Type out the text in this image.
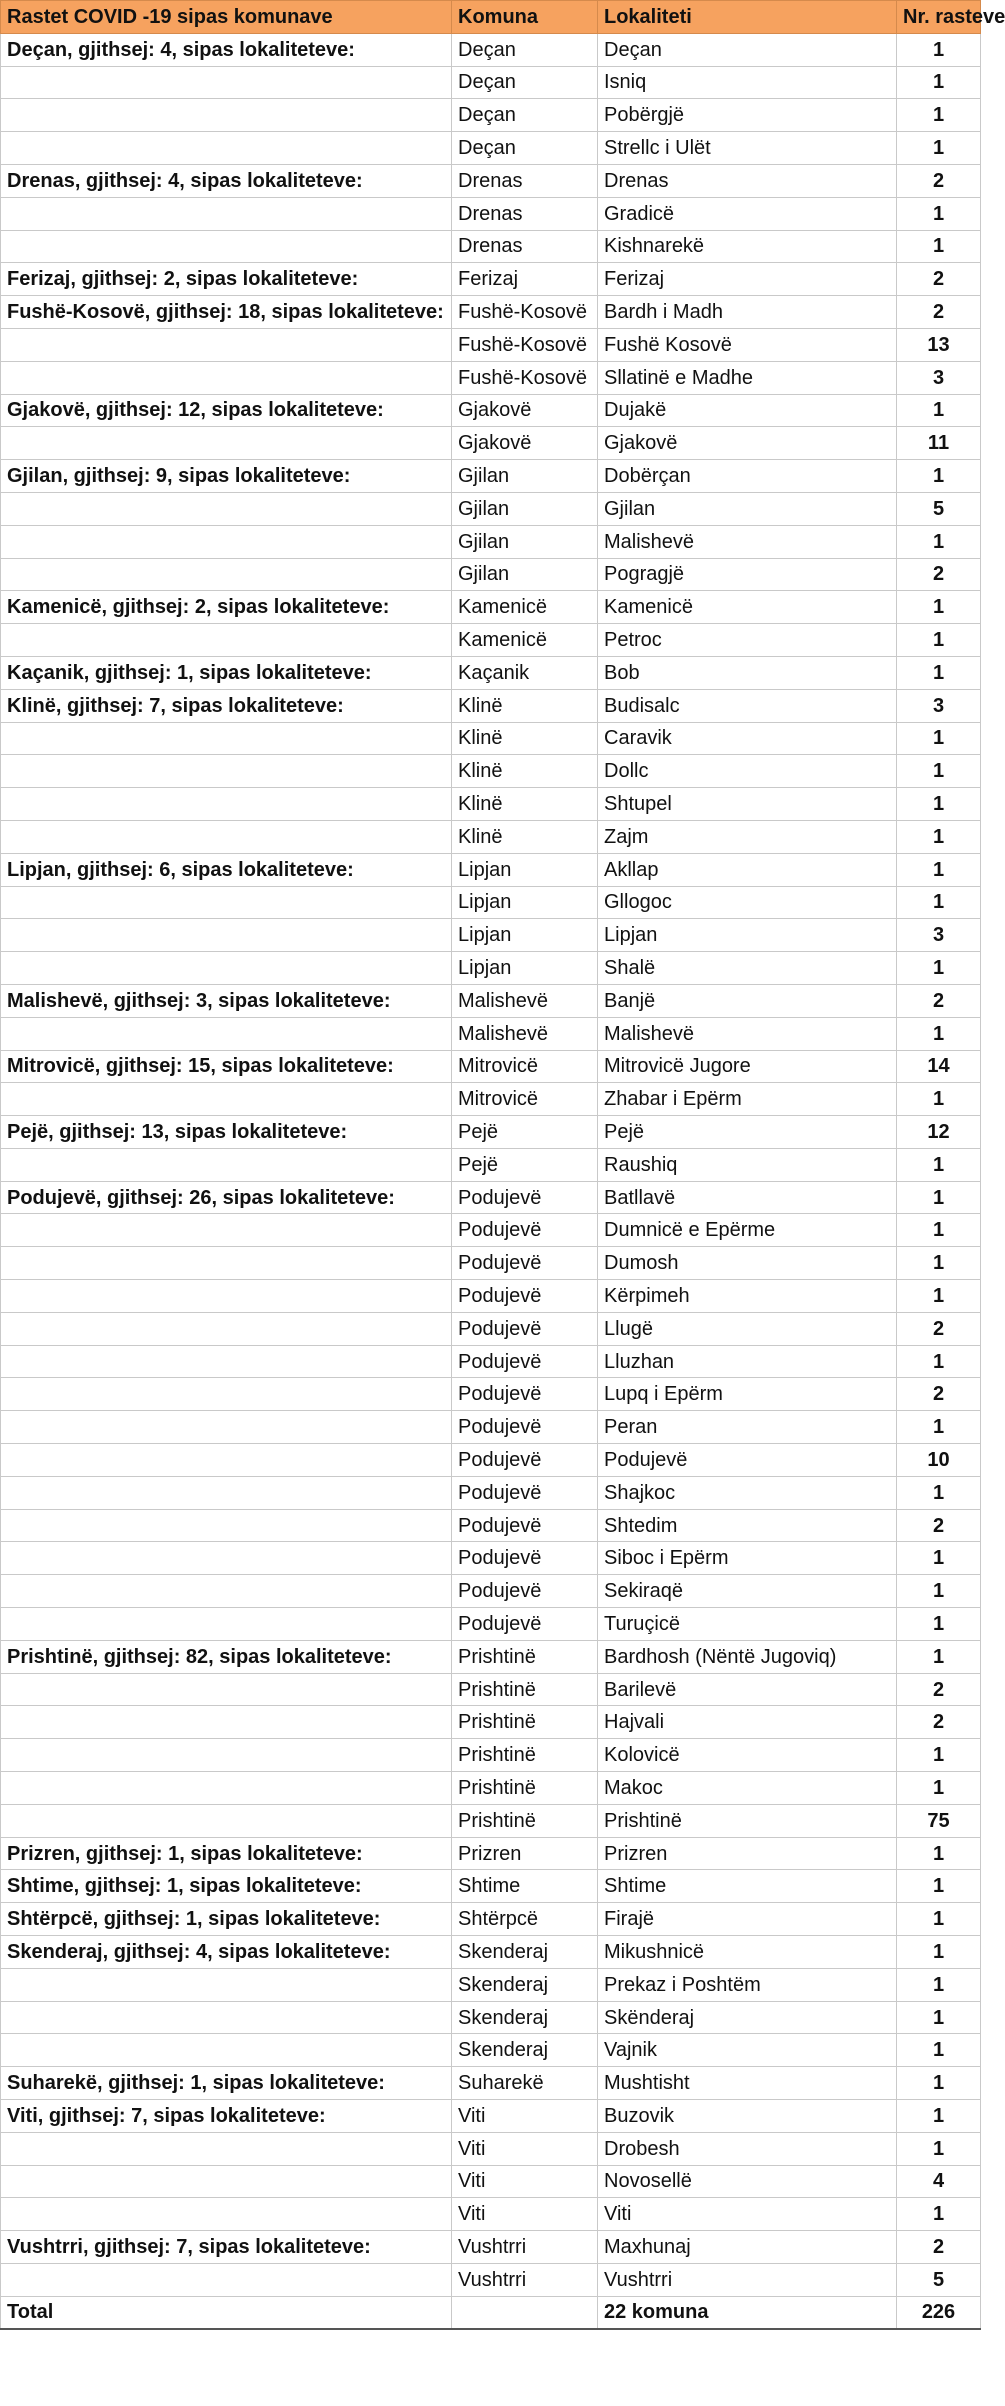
Rastet COVID -19 sipas komunave	Komuna	Lokaliteti	Nr. rasteve
Deçan, gjithsej: 4, sipas lokaliteteve:	Deçan	Deçan	1
	Deçan	Isniq	1
	Deçan	Pobërgjë	1
	Deçan	Strellc i Ulët	1
Drenas, gjithsej: 4, sipas lokaliteteve:	Drenas	Drenas	2
	Drenas	Gradicë	1
	Drenas	Kishnarekë	1
Ferizaj, gjithsej: 2, sipas lokaliteteve:	Ferizaj	Ferizaj	2
Fushë-Kosovë, gjithsej: 18, sipas lokaliteteve:	Fushë-Kosovë	Bardh i Madh	2
	Fushë-Kosovë	Fushë Kosovë	13
	Fushë-Kosovë	Sllatinë e Madhe	3
Gjakovë, gjithsej: 12, sipas lokaliteteve:	Gjakovë	Dujakë	1
	Gjakovë	Gjakovë	11
Gjilan, gjithsej: 9, sipas lokaliteteve:	Gjilan	Dobërçan	1
	Gjilan	Gjilan	5
	Gjilan	Malishevë	1
	Gjilan	Pogragjë	2
Kamenicë, gjithsej: 2, sipas lokaliteteve:	Kamenicë	Kamenicë	1
	Kamenicë	Petroc	1
Kaçanik, gjithsej: 1, sipas lokaliteteve:	Kaçanik	Bob	1
Klinë, gjithsej: 7, sipas lokaliteteve:	Klinë	Budisalc	3
	Klinë	Caravik	1
	Klinë	Dollc	1
	Klinë	Shtupel	1
	Klinë	Zajm	1
Lipjan, gjithsej: 6, sipas lokaliteteve:	Lipjan	Akllap	1
	Lipjan	Gllogoc	1
	Lipjan	Lipjan	3
	Lipjan	Shalë	1
Malishevë, gjithsej: 3, sipas lokaliteteve:	Malishevë	Banjë	2
	Malishevë	Malishevë	1
Mitrovicë, gjithsej: 15, sipas lokaliteteve:	Mitrovicë	Mitrovicë Jugore	14
	Mitrovicë	Zhabar i Epërm	1
Pejë, gjithsej: 13, sipas lokaliteteve:	Pejë	Pejë	12
	Pejë	Raushiq	1
Podujevë, gjithsej: 26, sipas lokaliteteve:	Podujevë	Batllavë	1
	Podujevë	Dumnicë e Epërme	1
	Podujevë	Dumosh	1
	Podujevë	Kërpimeh	1
	Podujevë	Llugë	2
	Podujevë	Lluzhan	1
	Podujevë	Lupq i Epërm	2
	Podujevë	Peran	1
	Podujevë	Podujevë	10
	Podujevë	Shajkoc	1
	Podujevë	Shtedim	2
	Podujevë	Siboc i Epërm	1
	Podujevë	Sekiraqë	1
	Podujevë	Turuçicë	1
Prishtinë, gjithsej: 82, sipas lokaliteteve:	Prishtinë	Bardhosh (Nëntë Jugoviq)	1
	Prishtinë	Barilevë	2
	Prishtinë	Hajvali	2
	Prishtinë	Kolovicë	1
	Prishtinë	Makoc	1
	Prishtinë	Prishtinë	75
Prizren, gjithsej: 1, sipas lokaliteteve:	Prizren	Prizren	1
Shtime, gjithsej: 1, sipas lokaliteteve:	Shtime	Shtime	1
Shtërpcë, gjithsej: 1, sipas lokaliteteve:	Shtërpcë	Firajë	1
Skenderaj, gjithsej: 4, sipas lokaliteteve:	Skenderaj	Mikushnicë	1
	Skenderaj	Prekaz i Poshtëm	1
	Skenderaj	Skënderaj	1
	Skenderaj	Vajnik	1
Suharekë, gjithsej: 1, sipas lokaliteteve:	Suharekë	Mushtisht	1
Viti, gjithsej: 7, sipas lokaliteteve:	Viti	Buzovik	1
	Viti	Drobesh	1
	Viti	Novosellë	4
	Viti	Viti	1
Vushtrri, gjithsej: 7, sipas lokaliteteve:	Vushtrri	Maxhunaj	2
	Vushtrri	Vushtrri	5
Total		22 komuna	226
